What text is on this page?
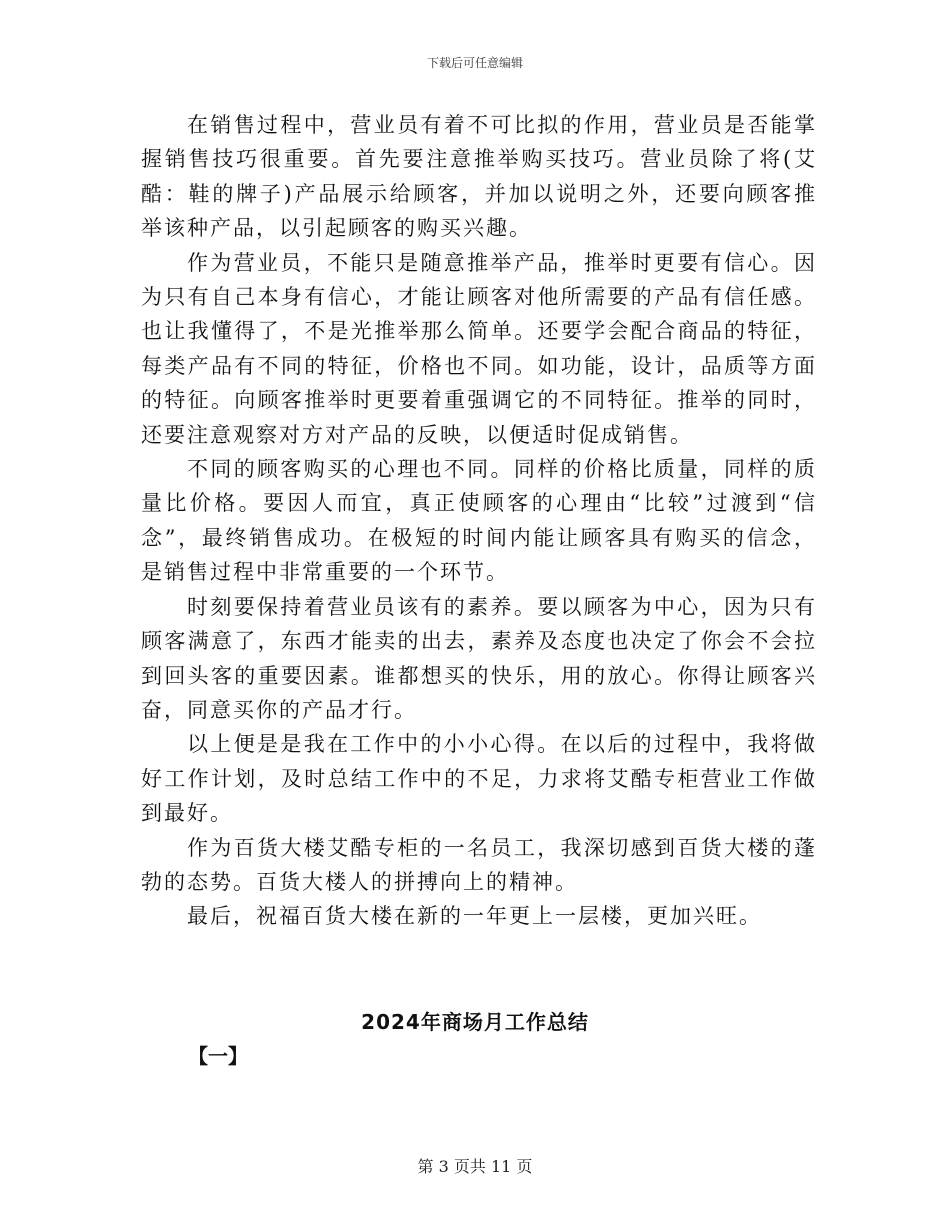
下载后可任意编辑

在销售过程中，营业员有着不可比拟的作用，营业员是否能掌握销售技巧很重要。首先要注意推举购买技巧。营业员除了将(艾酷：鞋的牌子)产品展示给顾客，并加以说明之外，还要向顾客推举该种产品，以引起顾客的购买兴趣。

作为营业员，不能只是随意推举产品，推举时更要有信心。因为只有自己本身有信心，才能让顾客对他所需要的产品有信任感。也让我懂得了，不是光推举那么简单。还要学会配合商品的特征，每类产品有不同的特征，价格也不同。如功能，设计，品质等方面的特征。向顾客推举时更要着重强调它的不同特征。推举的同时，还要注意观察对方对产品的反映，以便适时促成销售。

不同的顾客购买的心理也不同。同样的价格比质量，同样的质量比价格。要因人而宜，真正使顾客的心理由“比较”过渡到“信念”，最终销售成功。在极短的时间内能让顾客具有购买的信念，是销售过程中非常重要的一个环节。

时刻要保持着营业员该有的素养。要以顾客为中心，因为只有顾客满意了，东西才能卖的出去，素养及态度也决定了你会不会拉到回头客的重要因素。谁都想买的快乐，用的放心。你得让顾客兴奋，同意买你的产品才行。

以上便是是我在工作中的小小心得。在以后的过程中，我将做好工作计划，及时总结工作中的不足，力求将艾酷专柜营业工作做到最好。

作为百货大楼艾酷专柜的一名员工，我深切感到百货大楼的蓬勃的态势。百货大楼人的拼搏向上的精神。

最后，祝福百货大楼在新的一年更上一层楼，更加兴旺。

2024年商场月工作总结
【一】
第 3 页共 11 页
